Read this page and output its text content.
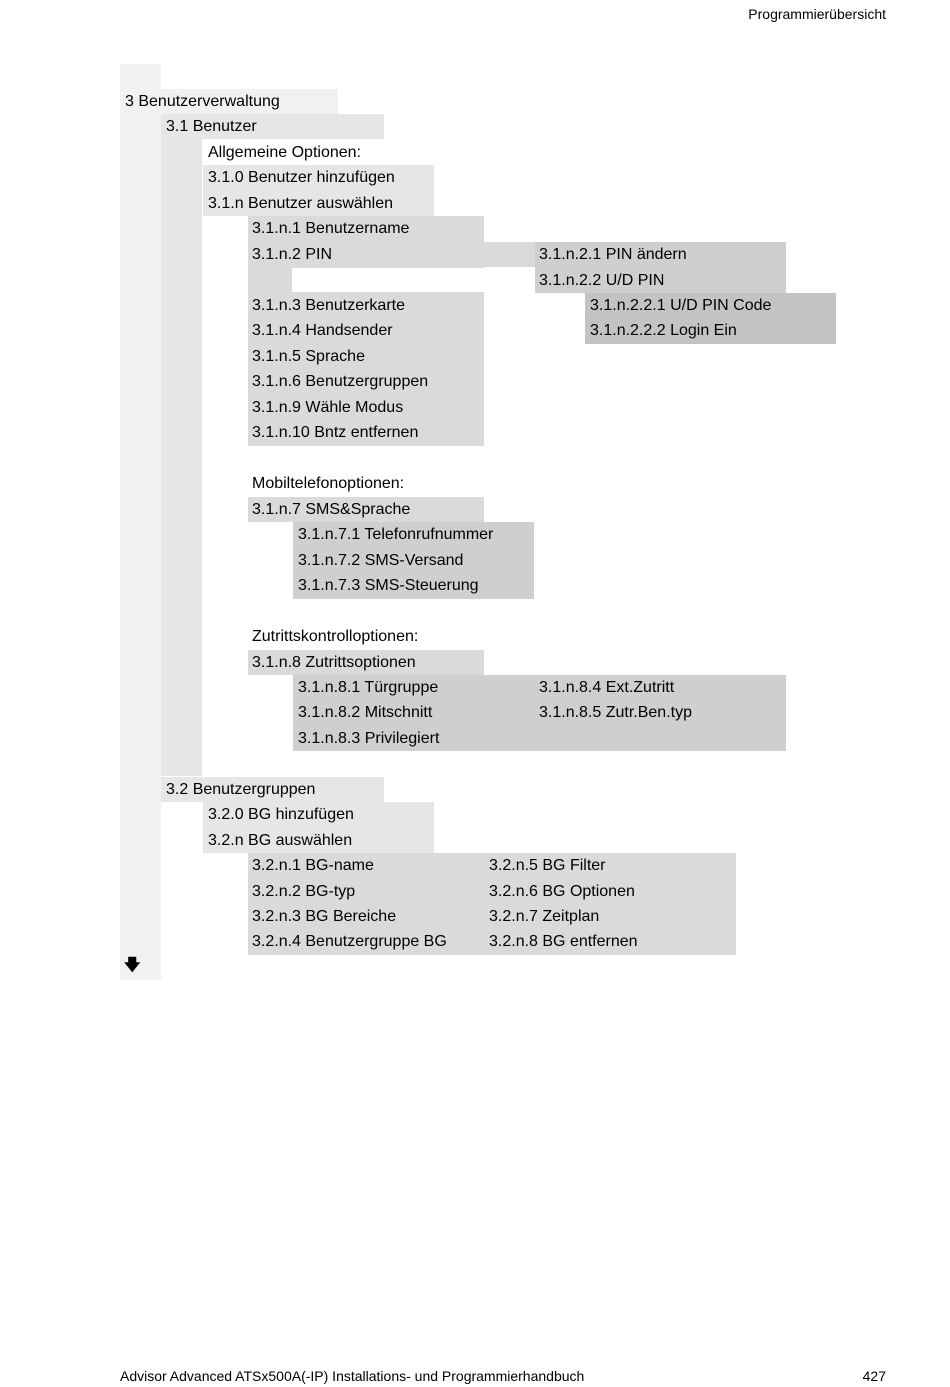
Programmierübersicht
3 Benutzerverwaltung
3.1 Benutzer
Allgemeine Optionen:
3.1.0 Benutzer hinzufügen
3.1.n Benutzer auswählen
3.1.n.1 Benutzername
3.1.n.2 PIN
3.1.n.3 Benutzerkarte
3.1.n.4 Handsender
3.1.n.5 Sprache
3.1.n.6 Benutzergruppen
3.1.n.9 Wähle Modus
3.1.n.10 Bntz entfernen
3.1.n.2.1 PIN ändern
3.1.n.2.2 U/D PIN
3.1.n.2.2.1 U/D PIN Code
3.1.n.2.2.2 Login Ein
Mobiltelefonoptionen:
3.1.n.7 SMS&Sprache
3.1.n.7.1 Telefonrufnummer
3.1.n.7.2 SMS-Versand
3.1.n.7.3 SMS-Steuerung
Zutrittskontrolloptionen:
3.1.n.8 Zutrittsoptionen
3.1.n.8.1 Türgruppe
3.1.n.8.2 Mitschnitt
3.1.n.8.3 Privilegiert
3.1.n.8.4 Ext.Zutritt
3.1.n.8.5 Zutr.Ben.typ
3.2 Benutzergruppen
3.2.0 BG hinzufügen
3.2.n BG auswählen
3.2.n.1 BG-name
3.2.n.2 BG-typ
3.2.n.3 BG Bereiche
3.2.n.4 Benutzergruppe BG
3.2.n.5 BG Filter
3.2.n.6 BG Optionen
3.2.n.7 Zeitplan
3.2.n.8 BG entfernen
🡇
Advisor Advanced ATSx500A(-IP) Installations- und Programmierhandbuch	427
